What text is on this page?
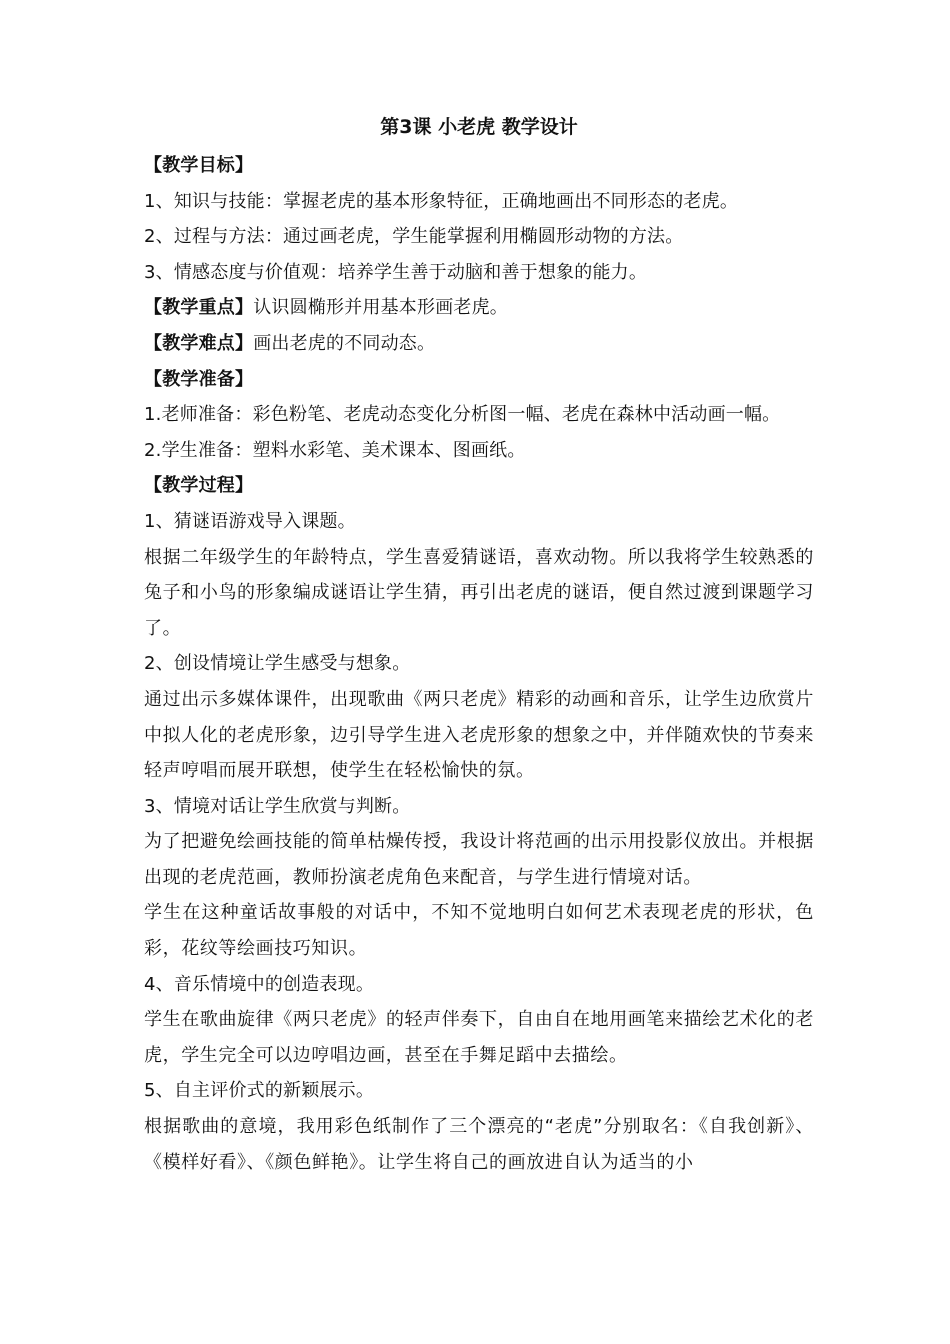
第3课 小老虎 教学设计

【教学目标】

1、知识与技能：掌握老虎的基本形象特征，正确地画出不同形态的老虎。

2、过程与方法：通过画老虎，学生能掌握利用椭圆形动物的方法。

3、情感态度与价值观：培养学生善于动脑和善于想象的能力。

【教学重点】认识圆椭形并用基本形画老虎。

【教学难点】画出老虎的不同动态。

【教学准备】

1.老师准备：彩色粉笔、老虎动态变化分析图一幅、老虎在森林中活动画一幅。

2.学生准备：塑料水彩笔、美术课本、图画纸。

【教学过程】

1、猜谜语游戏导入课题。

根据二年级学生的年龄特点，学生喜爱猜谜语，喜欢动物。所以我将学生较熟悉的兔子和小鸟的形象编成谜语让学生猜，再引出老虎的谜语，便自然过渡到课题学习了。

2、创设情境让学生感受与想象。

通过出示多媒体课件，出现歌曲《两只老虎》精彩的动画和音乐，让学生边欣赏片中拟人化的老虎形象，边引导学生进入老虎形象的想象之中，并伴随欢快的节奏来轻声哼唱而展开联想，使学生在轻松愉快的氛。

3、情境对话让学生欣赏与判断。

为了把避免绘画技能的简单枯燥传授，我设计将范画的出示用投影仪放出。并根据出现的老虎范画，教师扮演老虎角色来配音，与学生进行情境对话。

学生在这种童话故事般的对话中，不知不觉地明白如何艺术表现老虎的形状，色彩，花纹等绘画技巧知识。

4、音乐情境中的创造表现。

学生在歌曲旋律《两只老虎》的轻声伴奏下，自由自在地用画笔来描绘艺术化的老虎，学生完全可以边哼唱边画，甚至在手舞足蹈中去描绘。

5、自主评价式的新颖展示。

根据歌曲的意境，我用彩色纸制作了三个漂亮的“老虎”分别取名：《自我创新》、《模样好看》、《颜色鲜艳》。让学生将自己的画放进自认为适当的小
